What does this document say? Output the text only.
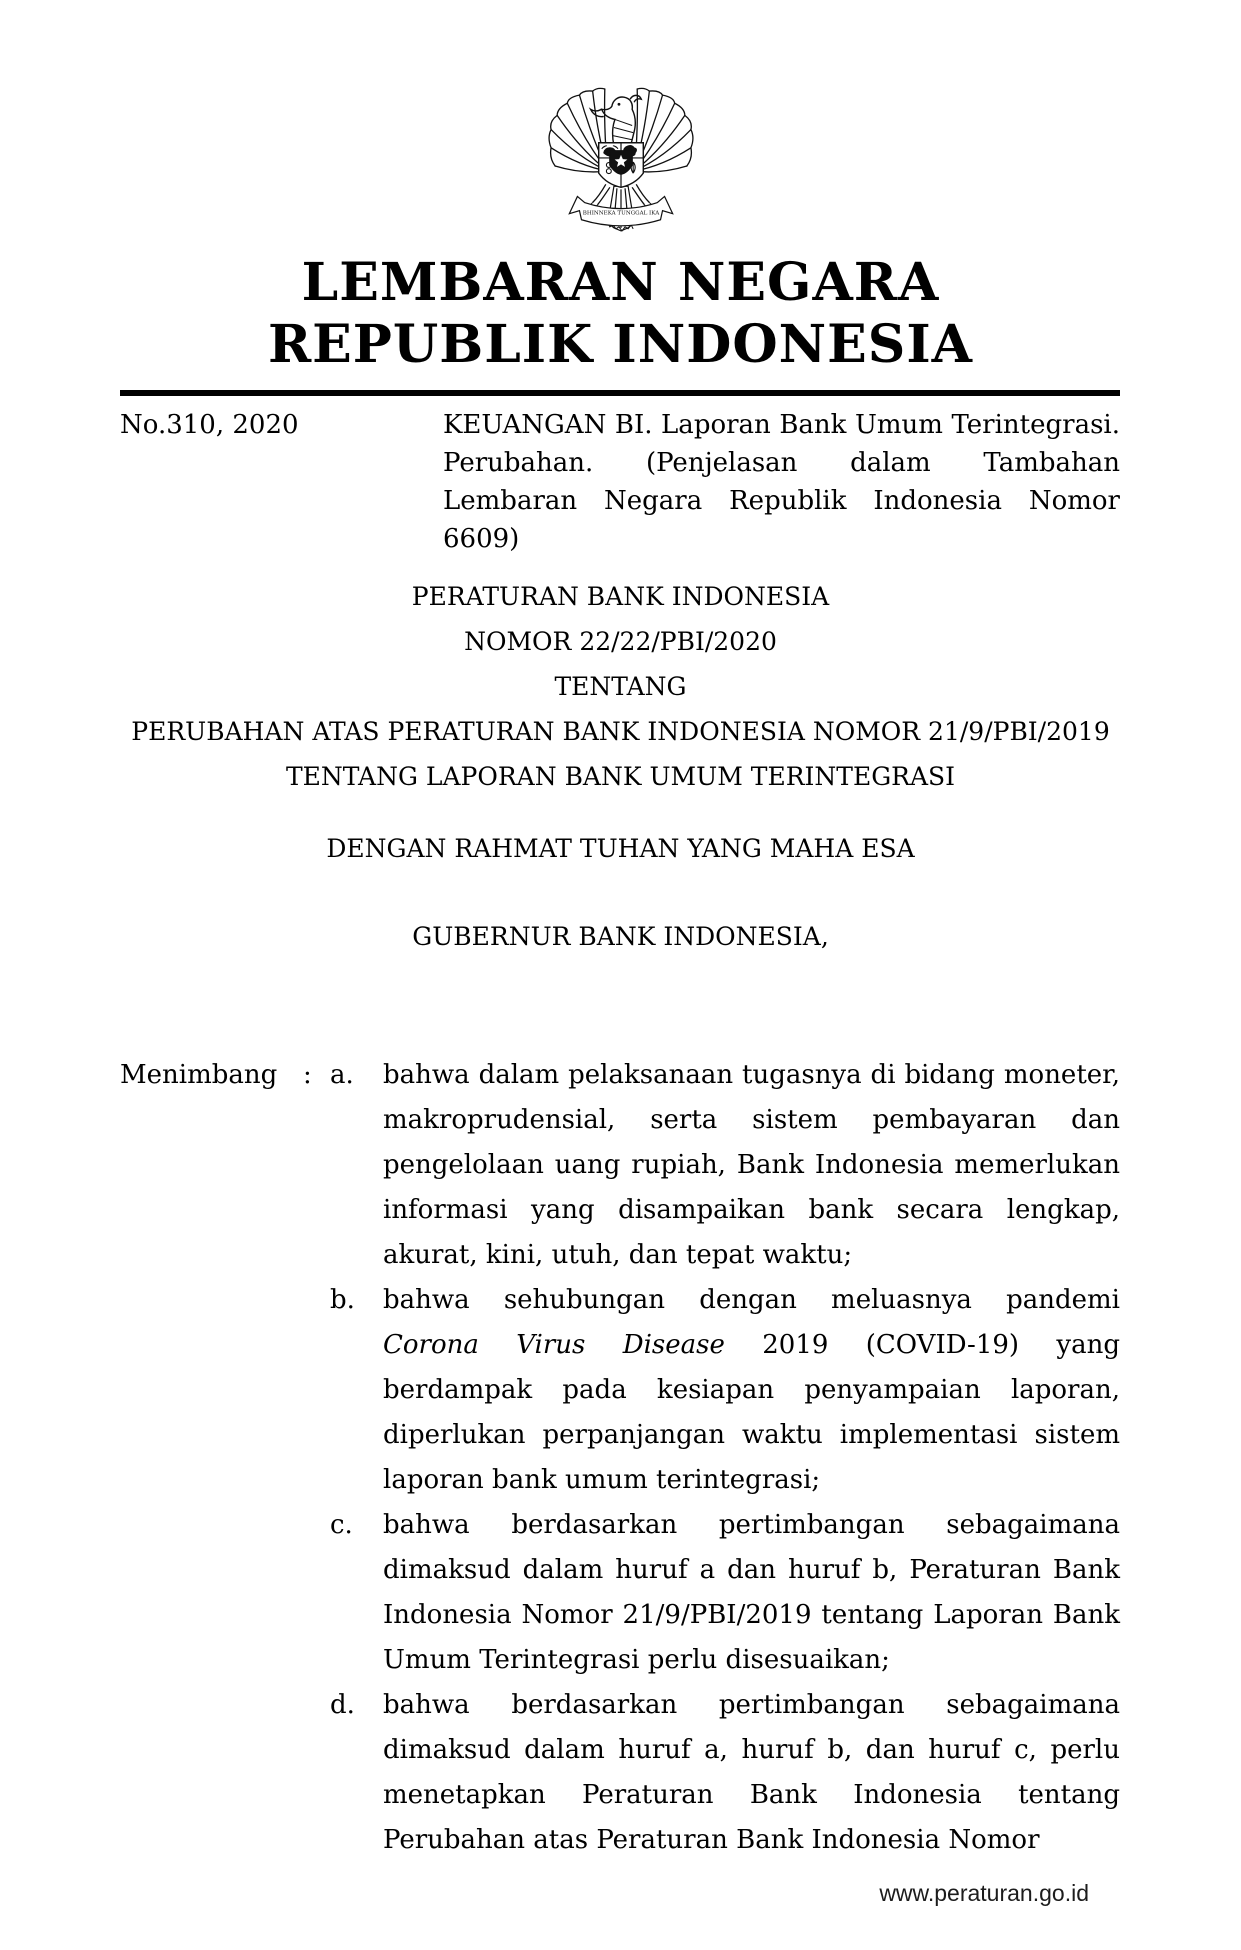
BHINNEKA TUNGGAL IKA
LEMBARAN NEGARA
REPUBLIK INDONESIA
No.310, 2020	KEUANGAN BI. Laporan Bank Umum Terintegrasi. Perubahan. (Penjelasan dalam Tambahan Lembaran Negara Republik Indonesia Nomor 6609)
PERATURAN BANK INDONESIA
NOMOR 22/22/PBI/2020
TENTANG
PERUBAHAN ATAS PERATURAN BANK INDONESIA NOMOR 21/9/PBI/2019
TENTANG LAPORAN BANK UMUM TERINTEGRASI
DENGAN RAHMAT TUHAN YANG MAHA ESA
GUBERNUR BANK INDONESIA,
Menimbang : a.	bahwa dalam pelaksanaan tugasnya di bidang moneter, makroprudensial, serta sistem pembayaran dan pengelolaan uang rupiah, Bank Indonesia memerlukan informasi yang disampaikan bank secara lengkap, akurat, kini, utuh, dan tepat waktu;
b.	bahwa sehubungan dengan meluasnya pandemi Corona Virus Disease 2019 (COVID-19) yang berdampak pada kesiapan penyampaian laporan, diperlukan perpanjangan waktu implementasi sistem laporan bank umum terintegrasi;
c.	bahwa berdasarkan pertimbangan sebagaimana dimaksud dalam huruf a dan huruf b, Peraturan Bank Indonesia Nomor 21/9/PBI/2019 tentang Laporan Bank Umum Terintegrasi perlu disesuaikan;
d.	bahwa berdasarkan pertimbangan sebagaimana dimaksud dalam huruf a, huruf b, dan huruf c, perlu menetapkan Peraturan Bank Indonesia tentang Perubahan atas Peraturan Bank Indonesia Nomor
www.peraturan.go.id
